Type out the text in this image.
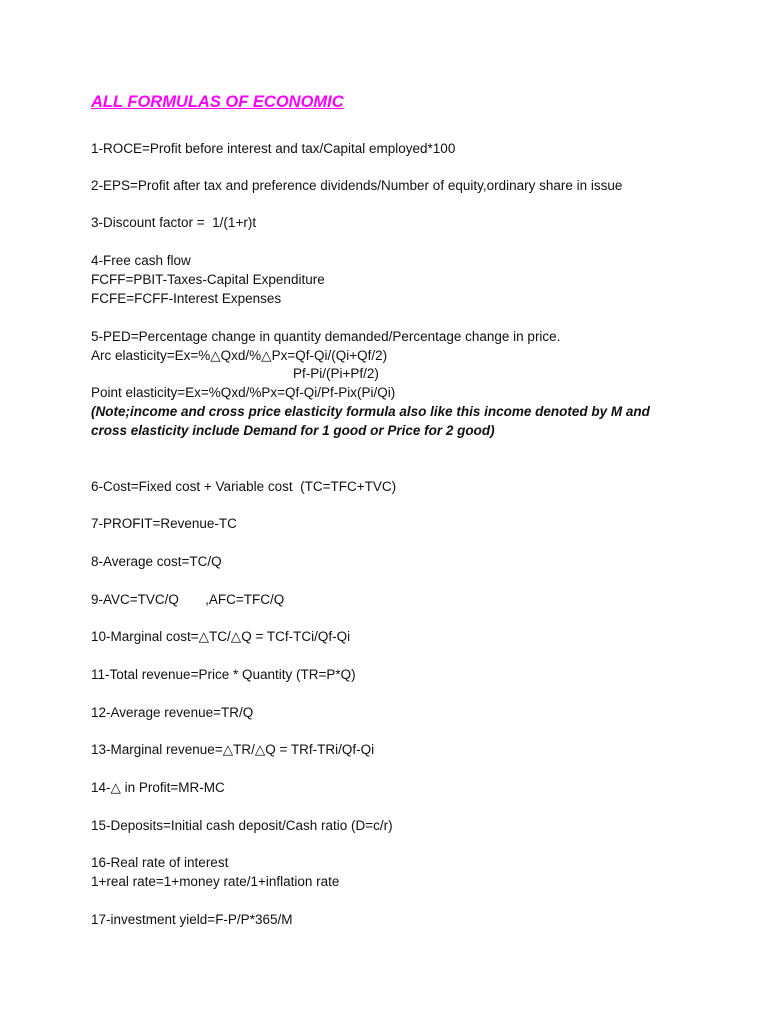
ALL FORMULAS OF ECONOMIC
1-ROCE=Profit before interest and tax/Capital employed*100
2-EPS=Profit after tax and preference dividends/Number of equity,ordinary share in issue
3-Discount factor =  1/(1+r)t
4-Free cash flow
FCFF=PBIT-Taxes-Capital Expenditure
FCFE=FCFF-Interest Expenses
5-PED=Percentage change in quantity demanded/Percentage change in price.
Arc elasticity=Ex=%△Qxd/%△Px=Qf-Qi/(Qi+Qf/2)
Pf-Pi/(Pi+Pf/2)
Point elasticity=Ex=%Qxd/%Px=Qf-Qi/Pf-Pix(Pi/Qi)
(Note;income and cross price elasticity formula also like this income denoted by M and
cross elasticity include Demand for 1 good or Price for 2 good)
6-Cost=Fixed cost + Variable cost  (TC=TFC+TVC)
7-PROFIT=Revenue-TC
8-Average cost=TC/Q
9-AVC=TVC/Q       ,AFC=TFC/Q
10-Marginal cost=△TC/△Q = TCf-TCi/Qf-Qi
11-Total revenue=Price * Quantity (TR=P*Q)
12-Average revenue=TR/Q
13-Marginal revenue=△TR/△Q = TRf-TRi/Qf-Qi
14-△ in Profit=MR-MC
15-Deposits=Initial cash deposit/Cash ratio (D=c/r)
16-Real rate of interest
1+real rate=1+money rate/1+inflation rate
17-investment yield=F-P/P*365/M
